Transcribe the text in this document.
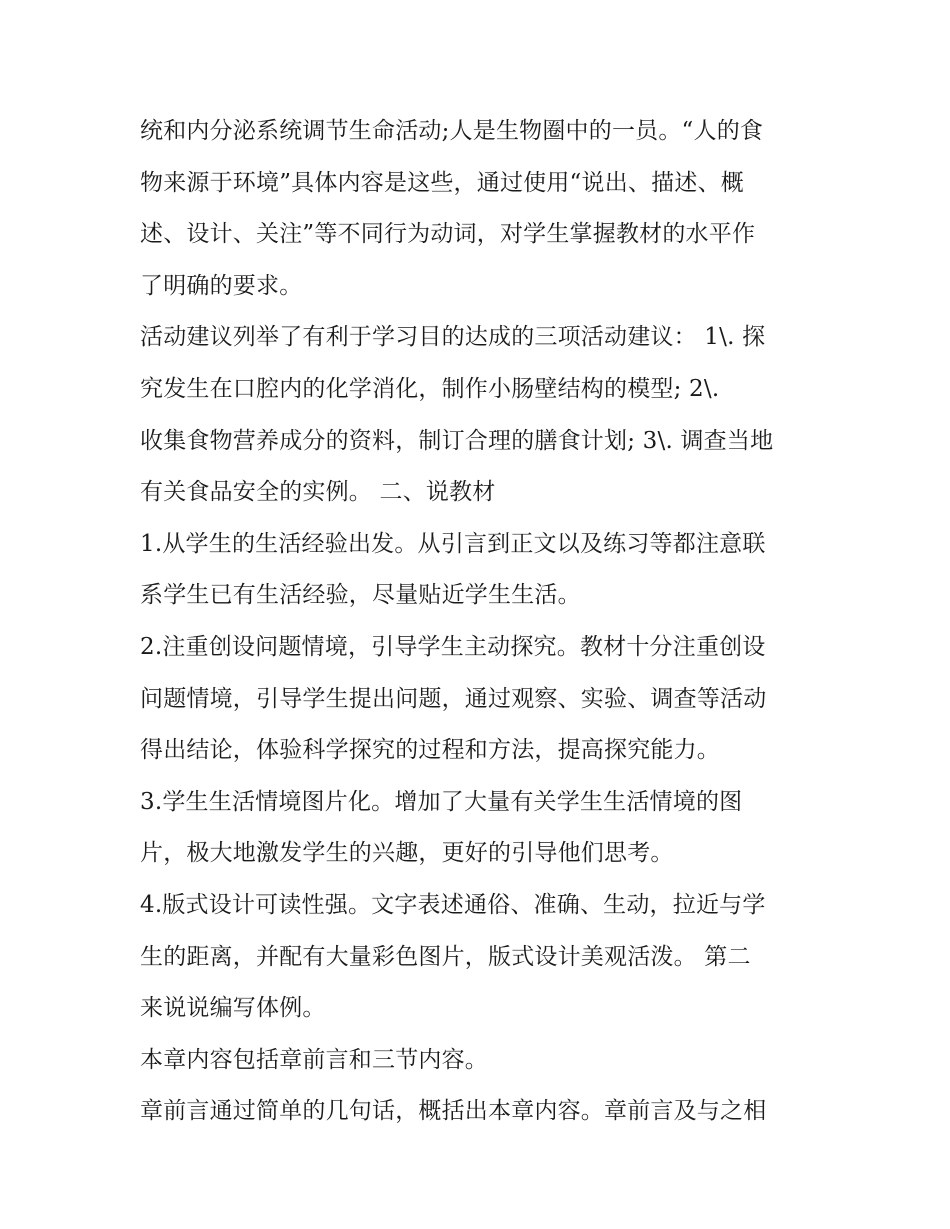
统和内分泌系统调节生命活动;人是生物圈中的一员。“人的食
物来源于环境”具体内容是这些，通过使用“说出、描述、概
述、设计、关注”等不同行为动词，对学生掌握教材的水平作
了明确的要求。
活动建议列举了有利于学习目的达成的三项活动建议： 1\. 探
究发生在口腔内的化学消化，制作小肠壁结构的模型; 2\.
收集食物营养成分的资料，制订合理的膳食计划; 3\. 调查当地
有关食品安全的实例。 二、说教材
1.从学生的生活经验出发。从引言到正文以及练习等都注意联
系学生已有生活经验，尽量贴近学生生活。
2.注重创设问题情境，引导学生主动探究。教材十分注重创设
问题情境，引导学生提出问题，通过观察、实验、调查等活动
得出结论，体验科学探究的过程和方法，提高探究能力。
3.学生生活情境图片化。增加了大量有关学生生活情境的图
片，极大地激发学生的兴趣，更好的引导他们思考。
4.版式设计可读性强。文字表述通俗、准确、生动，拉近与学
生的距离，并配有大量彩色图片，版式设计美观活泼。 第二
来说说编写体例。
本章内容包括章前言和三节内容。
章前言通过简单的几句话，概括出本章内容。章前言及与之相
